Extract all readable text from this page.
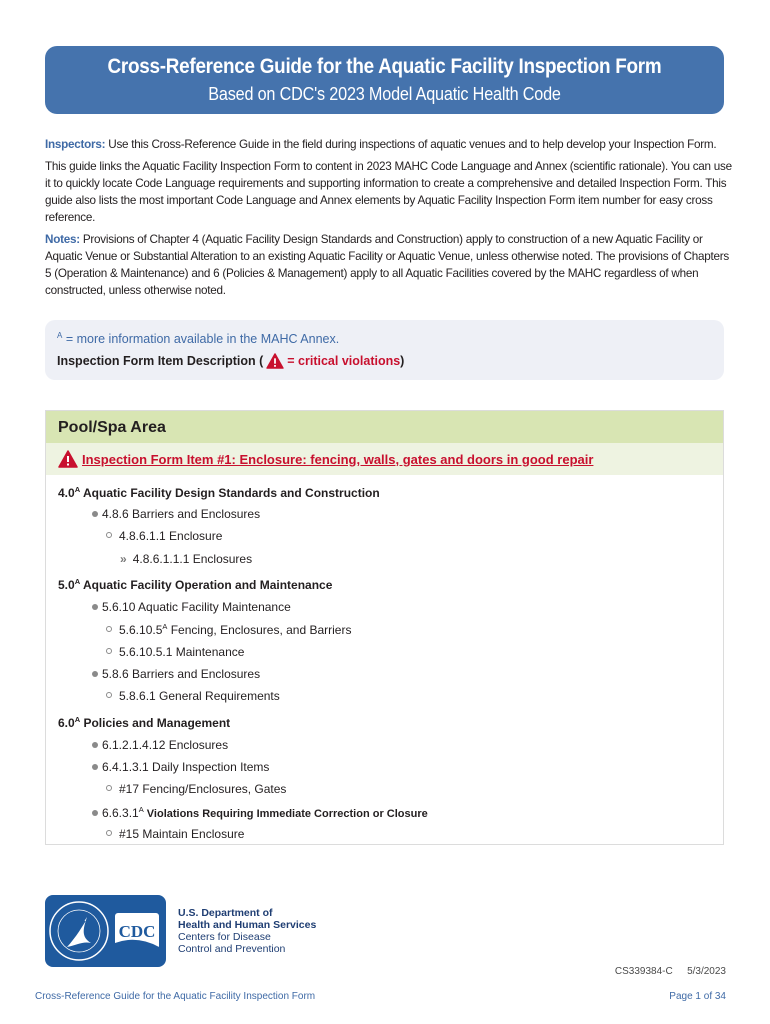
Cross-Reference Guide for the Aquatic Facility Inspection Form
Based on CDC's 2023 Model Aquatic Health Code

Inspectors: Use this Cross-Reference Guide in the field during inspections of aquatic venues and to help develop your Inspection Form.

This guide links the Aquatic Facility Inspection Form to content in 2023 MAHC Code Language and Annex (scientific rationale). You can use it to quickly locate Code Language requirements and supporting information to create a comprehensive and detailed Inspection Form. This guide also lists the most important Code Language and Annex elements by Aquatic Facility Inspection Form item number for easy cross reference.

Notes: Provisions of Chapter 4 (Aquatic Facility Design Standards and Construction) apply to construction of a new Aquatic Facility or Aquatic Venue or Substantial Alteration to an existing Aquatic Facility or Aquatic Venue, unless otherwise noted. The provisions of Chapters 5 (Operation & Maintenance) and 6 (Policies & Management) apply to all Aquatic Facilities covered by the MAHC regardless of when constructed, unless otherwise noted.

$^A$ = more information available in the MAHC Annex.
Inspection Form Item Description ( = critical violations )
Pool/Spa Area
Inspection Form Item #1: Enclosure: fencing, walls, gates and doors in good repair
$4.0^A$ Aquatic Facility Design Standards and Construction
4.8.6 Barriers and Enclosures
4.8.6.1.1 Enclosure
» 4.8.6.1.1.1 Enclosures
$5.0^A$ Aquatic Facility Operation and Maintenance
5.6.10 Aquatic Facility Maintenance
$5.6.10.5^A$ Fencing, Enclosures, and Barriers
5.6.10.5.1 Maintenance
5.8.6 Barriers and Enclosures
5.8.6.1 General Requirements
$6.0^A$ Policies and Management
6.1.2.1.4.12 Enclosures
6.4.1.3.1 Daily Inspection Items
#17 Fencing/Enclosures, Gates
$6.6.3.1^A$ Violations Requiring Immediate Correction or Closure
#15 Maintain Enclosure
CDC
U.S. Department of
Health and Human Services
Centers for Disease
Control and Prevention
CS339384-C 5/3/2023
Cross-Reference Guide for the Aquatic Facility Inspection Form	Page 1 of 34
